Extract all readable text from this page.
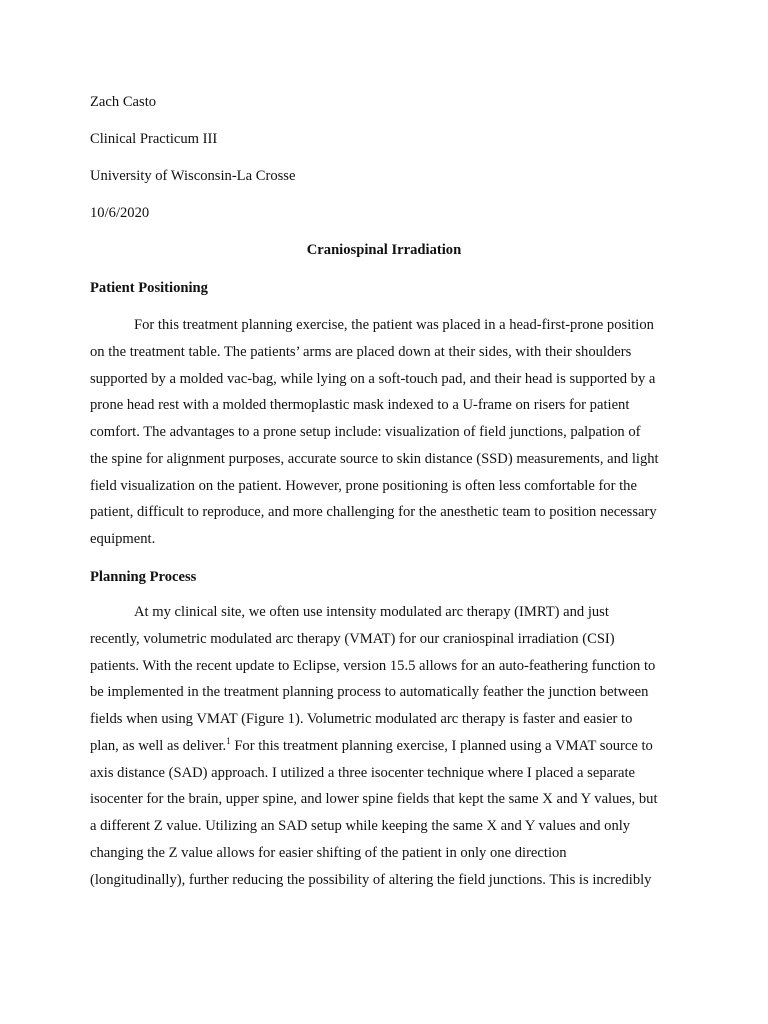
Zach Casto
Clinical Practicum III
University of Wisconsin-La Crosse
10/6/2020
Craniospinal Irradiation
Patient Positioning
For this treatment planning exercise, the patient was placed in a head-first-prone position
on the treatment table. The patients’ arms are placed down at their sides, with their shoulders
supported by a molded vac-bag, while lying on a soft-touch pad, and their head is supported by a
prone head rest with a molded thermoplastic mask indexed to a U-frame on risers for patient
comfort. The advantages to a prone setup include: visualization of field junctions, palpation of
the spine for alignment purposes, accurate source to skin distance (SSD) measurements, and light
field visualization on the patient. However, prone positioning is often less comfortable for the
patient, difficult to reproduce, and more challenging for the anesthetic team to position necessary
equipment.
Planning Process
At my clinical site, we often use intensity modulated arc therapy (IMRT) and just
recently, volumetric modulated arc therapy (VMAT) for our craniospinal irradiation (CSI)
patients. With the recent update to Eclipse, version 15.5 allows for an auto-feathering function to
be implemented in the treatment planning process to automatically feather the junction between
fields when using VMAT (Figure 1). Volumetric modulated arc therapy is faster and easier to
plan, as well as deliver.$^1$ For this treatment planning exercise, I planned using a VMAT source to
axis distance (SAD) approach. I utilized a three isocenter technique where I placed a separate
isocenter for the brain, upper spine, and lower spine fields that kept the same X and Y values, but
a different Z value. Utilizing an SAD setup while keeping the same X and Y values and only
changing the Z value allows for easier shifting of the patient in only one direction
(longitudinally), further reducing the possibility of altering the field junctions. This is incredibly
